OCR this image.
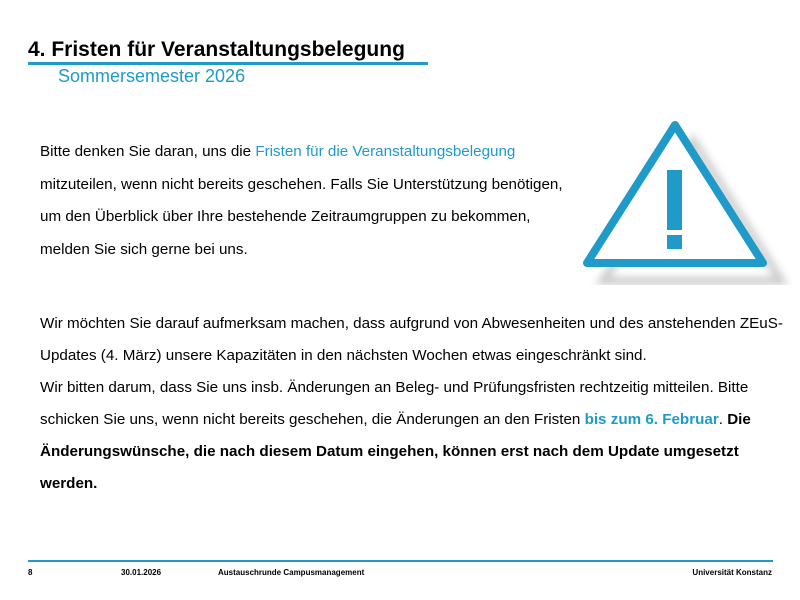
4. Fristen für Veranstaltungsbelegung
Sommersemester 2026
Bitte denken Sie daran, uns die Fristen für die Veranstaltungsbelegung mitzuteilen, wenn nicht bereits geschehen. Falls Sie Unterstützung benötigen, um den Überblick über Ihre bestehende Zeitraumgruppen zu bekommen, melden Sie sich gerne bei uns.
Wir möchten Sie darauf aufmerksam machen, dass aufgrund von Abwesenheiten und des anstehenden ZEuS-Updates (4. März) unsere Kapazitäten in den nächsten Wochen etwas eingeschränkt sind.
Wir bitten darum, dass Sie uns insb. Änderungen an Beleg- und Prüfungsfristen rechtzeitig mitteilen. Bitte schicken Sie uns, wenn nicht bereits geschehen, die Änderungen an den Fristen bis zum 6. Februar. Die Änderungswünsche, die nach diesem Datum eingehen, können erst nach dem Update umgesetzt werden.
8	30.01.2026	Austauschrunde Campusmanagement	Universität Konstanz
